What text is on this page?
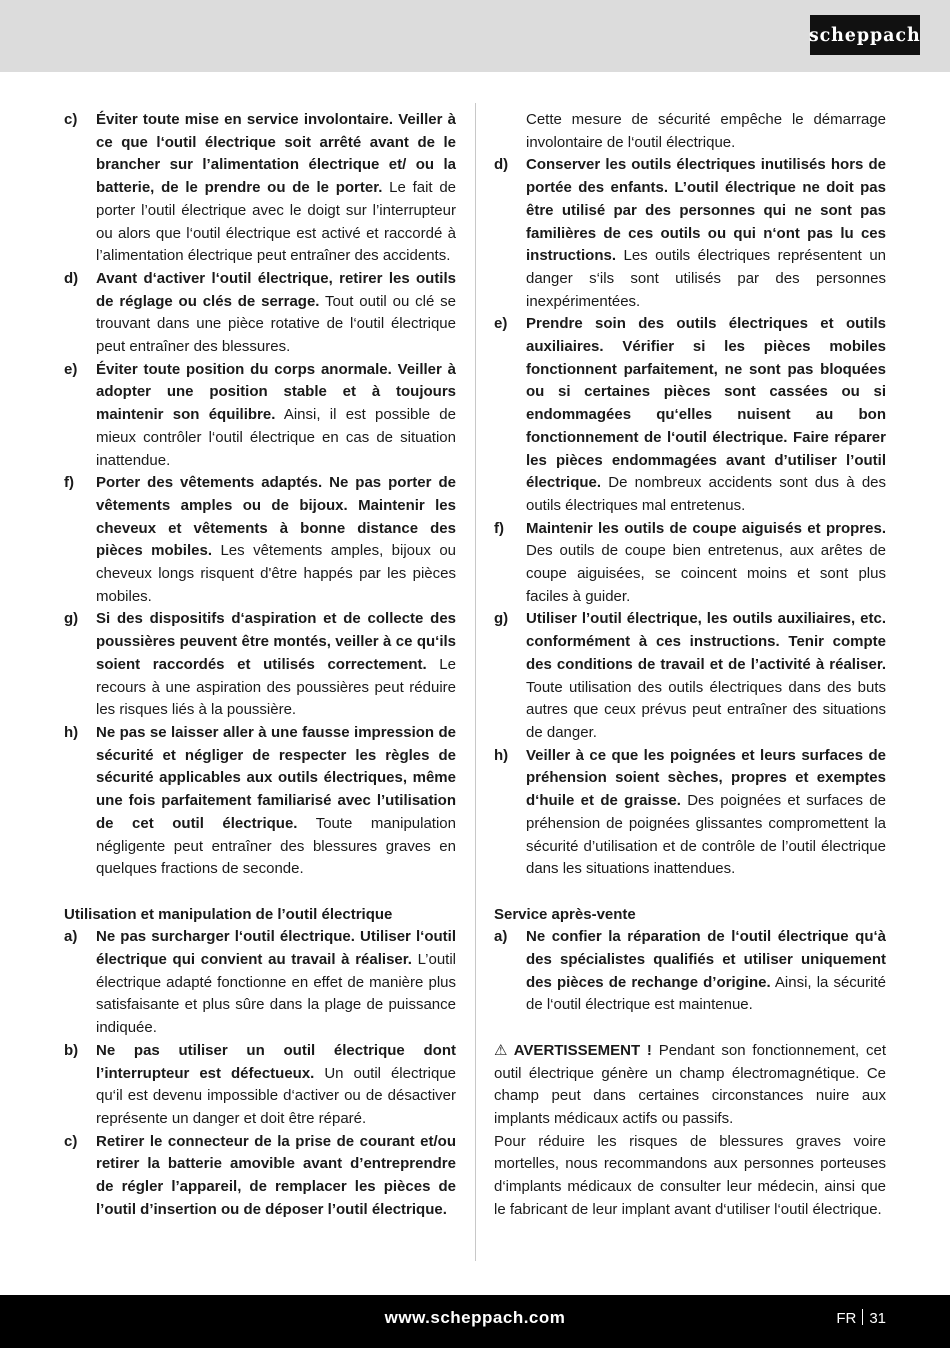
scheppach
c)	Éviter toute mise en service involontaire. Veiller à ce que l‘outil électrique soit arrêté avant de le brancher sur l’alimentation électrique et/ ou la batterie, de le prendre ou de le porter. Le fait de porter l’outil électrique avec le doigt sur l’interrupteur ou alors que l‘outil électrique est activé et raccordé à l’alimentation électrique peut entraîner des accidents.
d)	Avant d‘activer l‘outil électrique, retirer les outils de réglage ou clés de serrage. Tout outil ou clé se trouvant dans une pièce rotative de l‘outil électrique peut entraîner des blessures.
e)	Éviter toute position du corps anormale. Veiller à adopter une position stable et à toujours maintenir son équilibre. Ainsi, il est possible de mieux contrôler l‘outil électrique en cas de situation inattendue.
f)	Porter des vêtements adaptés. Ne pas porter de vêtements amples ou de bijoux. Maintenir les cheveux et vêtements à bonne distance des pièces mobiles. Les vêtements amples, bijoux ou cheveux longs risquent d'être happés par les pièces mobiles.
g)	Si des dispositifs d‘aspiration et de collecte des poussières peuvent être montés, veiller à ce qu‘ils soient raccordés et utilisés correctement. Le recours à une aspiration des poussières peut réduire les risques liés à la poussière.
h)	Ne pas se laisser aller à une fausse impression de sécurité et négliger de respecter les règles de sécurité applicables aux outils électriques, même une fois parfaitement familiarisé avec l’utilisation de cet outil électrique. Toute manipulation négligente peut entraîner des blessures graves en quelques fractions de seconde.
Utilisation et manipulation de l’outil électrique
a)	Ne pas surcharger l‘outil électrique. Utiliser l‘outil électrique qui convient au travail à réaliser. L’outil électrique adapté fonctionne en effet de manière plus satisfaisante et plus sûre dans la plage de puissance indiquée.
b)	Ne pas utiliser un outil électrique dont l’interrupteur est défectueux. Un outil électrique qu‘il est devenu impossible d‘activer ou de désactiver représente un danger et doit être réparé.
c)	Retirer le connecteur de la prise de courant et/ou retirer la batterie amovible avant d’entreprendre de régler l’appareil, de remplacer les pièces de l’outil d’insertion ou de déposer l’outil électrique.
Cette mesure de sécurité empêche le démarrage involontaire de l‘outil électrique.
d)	Conserver les outils électriques inutilisés hors de portée des enfants. L’outil électrique ne doit pas être utilisé par des personnes qui ne sont pas familières de ces outils ou qui n‘ont pas lu ces instructions. Les outils électriques représentent un danger s‘ils sont utilisés par des personnes inexpérimentées.
e)	Prendre soin des outils électriques et outils auxiliaires. Vérifier si les pièces mobiles fonctionnent parfaitement, ne sont pas bloquées ou si certaines pièces sont cassées ou si endommagées qu‘elles nuisent au bon fonctionnement de l‘outil électrique. Faire réparer les pièces endommagées avant d’utiliser l’outil électrique. De nombreux accidents sont dus à des outils électriques mal entretenus.
f)	Maintenir les outils de coupe aiguisés et propres. Des outils de coupe bien entretenus, aux arêtes de coupe aiguisées, se coincent moins et sont plus faciles à guider.
g)	Utiliser l’outil électrique, les outils auxiliaires, etc. conformément à ces instructions. Tenir compte des conditions de travail et de l’activité à réaliser. Toute utilisation des outils électriques dans des buts autres que ceux prévus peut entraîner des situations de danger.
h)	Veiller à ce que les poignées et leurs surfaces de préhension soient sèches, propres et exemptes d‘huile et de graisse. Des poignées et surfaces de préhension de poignées glissantes compromettent la sécurité d’utilisation et de contrôle de l’outil électrique dans les situations inattendues.
Service après-vente
a)	Ne confier la réparation de l‘outil électrique qu‘à des spécialistes qualifiés et utiliser uniquement des pièces de rechange d’origine. Ainsi, la sécurité de l‘outil électrique est maintenue.
⚠ AVERTISSEMENT ! Pendant son fonctionnement, cet outil électrique génère un champ électromagnétique. Ce champ peut dans certaines circonstances nuire aux implants médicaux actifs ou passifs.
Pour réduire les risques de blessures graves voire mortelles, nous recommandons aux personnes porteuses d‘implants médicaux de consulter leur médecin, ainsi que le fabricant de leur implant avant d‘utiliser l‘outil électrique.
www.scheppach.com	FR 31
